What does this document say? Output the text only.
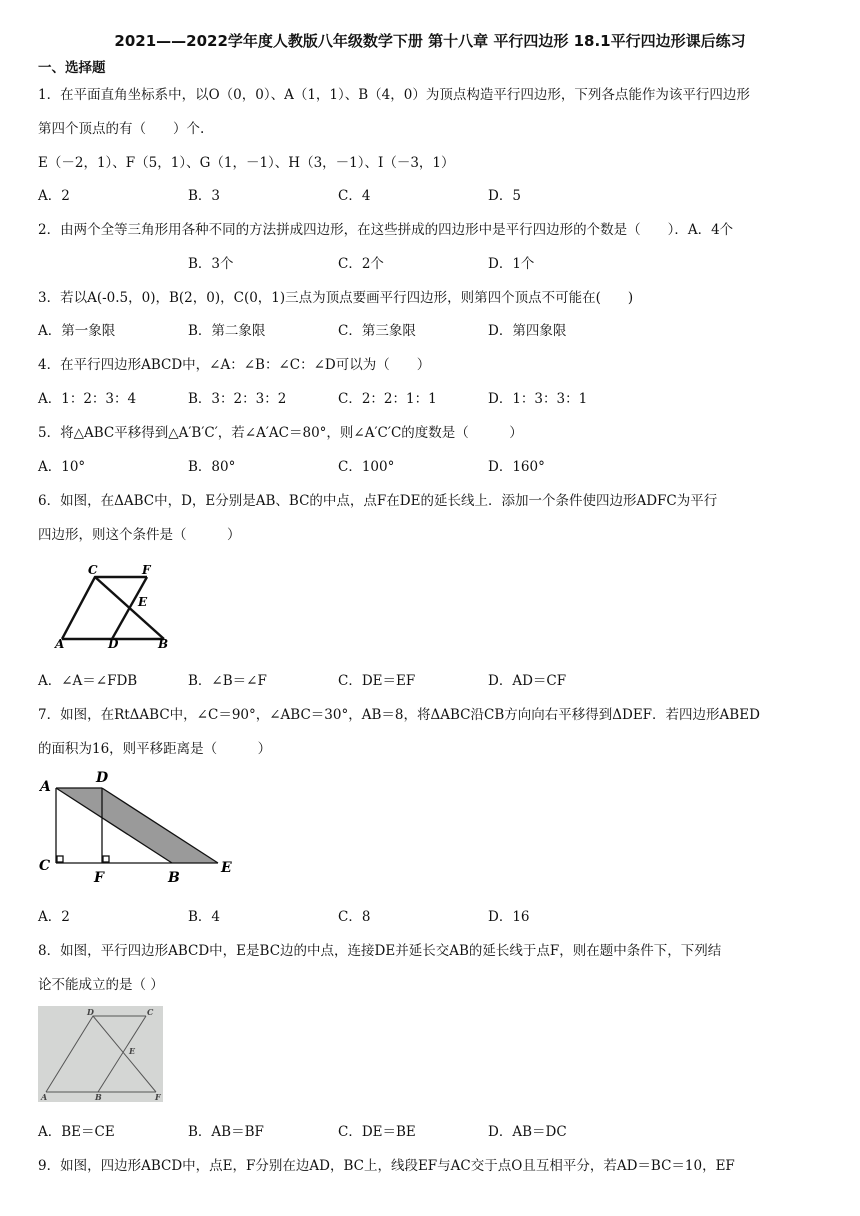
2021——2022学年度人教版八年级数学下册 第十八章 平行四边形 18.1平行四边形课后练习
一、选择题
1．在平面直角坐标系中，以O（0，0）、A（1，1）、B（4，0）为顶点构造平行四边形，下列各点能作为该平行四边形
第四个顶点的有（　　）个.
E（－2，1）、F（5，1）、G（1，－1）、H（3，－1）、I（－3，1）
A．2	B．3	C．4	D．5
2．由两个全等三角形用各种不同的方法拼成四边形，在这些拼成的四边形中是平行四边形的个数是（　　）．A．4个
B．3个	C．2个	D．1个
3．若以A(-0.5，0)，B(2，0)，C(0，1)三点为顶点要画平行四边形，则第四个顶点不可能在(　　)
A．第一象限	B．第二象限	C．第三象限	D．第四象限
4．在平行四边形ABCD中，∠A：∠B：∠C：∠D可以为（　　）
A．1：2：3：4	B．3：2：3：2	C．2：2：1：1	D．1：3：3：1
5．将△ABC平移得到△A′B′C′，若∠A′AC＝80°，则∠A′C′C的度数是（　　　）
A．10°	B．80°	C．100°	D．160°
6．如图，在ΔABC中，D，E分别是AB、BC的中点，点F在DE的延长线上．添加一个条件使四边形ADFC为平行
四边形，则这个条件是（　　　）
C	F
E
A	D	B
A．∠A＝∠FDB	B．∠B＝∠F	C．DE＝EF	D．AD＝CF
7．如图，在RtΔABC中，∠C＝90°，∠ABC＝30°，AB＝8，将ΔABC沿CB方向向右平移得到ΔDEF．若四边形ABED
的面积为16，则平移距离是（　　　）
A
D
C
F	B
E
A．2	B．4	C．8	D．16
8．如图，平行四边形ABCD中，E是BC边的中点，连接DE并延长交AB的延长线于点F，则在题中条件下，下列结
论不能成立的是（ ）
D	C
E
A	B	F
A．BE＝CE	B．AB＝BF	C．DE＝BE	D．AB＝DC
9．如图，四边形ABCD中，点E，F分别在边AD，BC上，线段EF与AC交于点O且互相平分，若AD＝BC＝10，EF
